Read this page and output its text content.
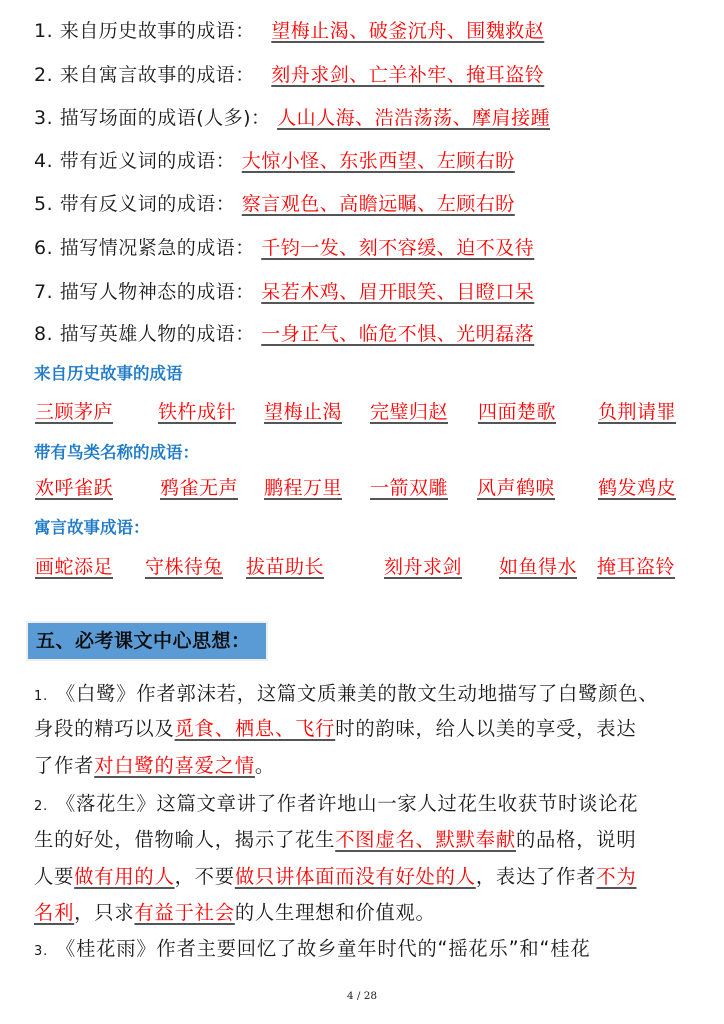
1. 来自历史故事的成语： 望梅止渴、破釜沉舟、围魏救赵
2. 来自寓言故事的成语： 刻舟求剑、亡羊补牢、掩耳盗铃
3. 描写场面的成语(人多)： 人山人海、浩浩荡荡、摩肩接踵
4. 带有近义词的成语： 大惊小怪、东张西望、左顾右盼
5. 带有反义词的成语： 察言观色、高瞻远瞩、左顾右盼
6. 描写情况紧急的成语： 千钧一发、刻不容缓、迫不及待
7. 描写人物神态的成语： 呆若木鸡、眉开眼笑、目瞪口呆
8. 描写英雄人物的成语： 一身正气、临危不惧、光明磊落
来自历史故事的成语
三顾茅庐 铁杵成针 望梅止渴 完璧归赵 四面楚歌 负荆请罪
带有鸟类名称的成语：
欢呼雀跃 鸦雀无声 鹏程万里 一箭双雕 风声鹤唳 鹤发鸡皮
寓言故事成语：
画蛇添足 守株待兔 拔苗助长	刻舟求剑 如鱼得水 掩耳盗铃
五、必考课文中心思想：
1. 《白鹭》作者郭沫若，这篇文质兼美的散文生动地描写了白鹭颜色、
身段的精巧以及觅食、栖息、飞行时的韵味，给人以美的享受，表达
了作者对白鹭的喜爱之情。
2. 《落花生》这篇文章讲了作者许地山一家人过花生收获节时谈论花
生的好处，借物喻人，揭示了花生不图虚名、默默奉献的品格，说明
人要做有用的人，不要做只讲体面而没有好处的人，表达了作者不为
名利，只求有益于社会的人生理想和价值观。
3. 《桂花雨》作者主要回忆了故乡童年时代的“摇花乐”和“桂花
4 / 28
